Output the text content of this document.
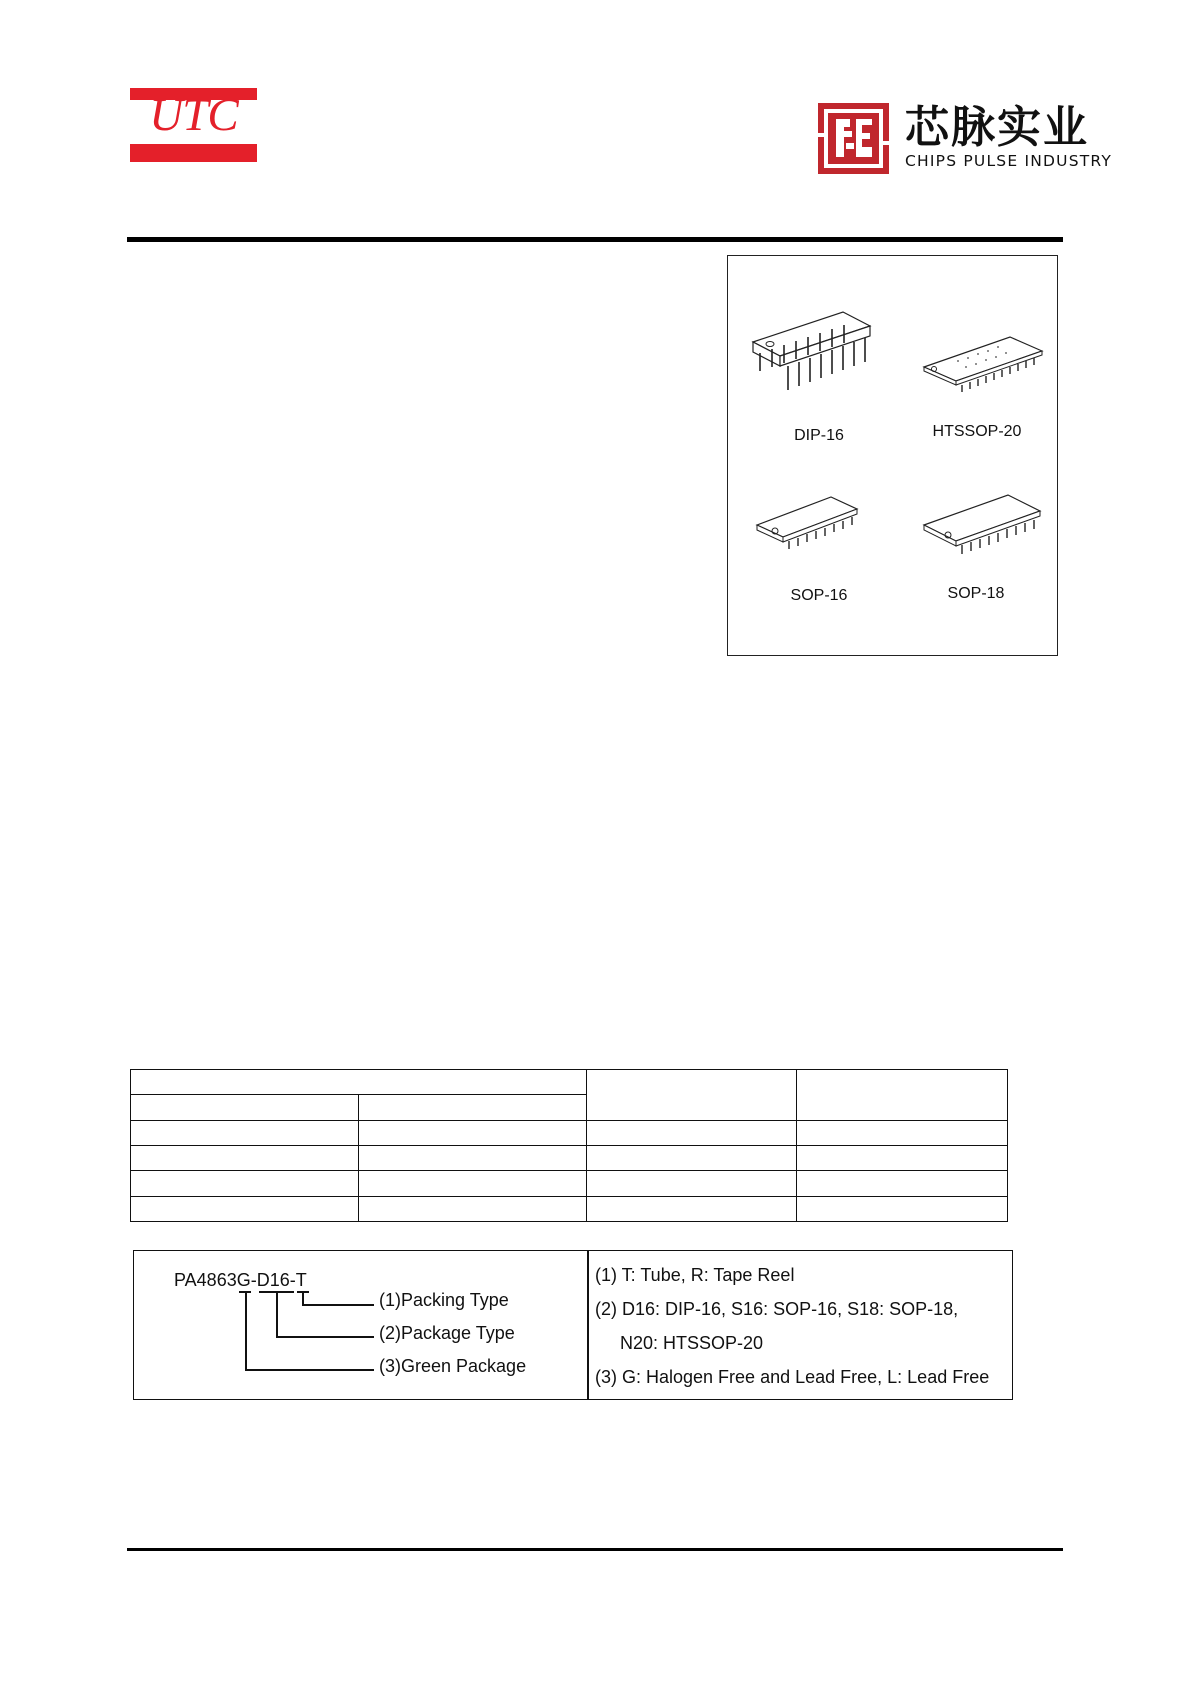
UTC	芯脉实业
CHIPS PULSE INDUSTRY
DIP-16	HTSSOP-20
SOP-16	SOP-18

PA4863G-D16-T
(1)Packing Type
(2)Package Type
(3)Green Package
(1) T: Tube, R: Tape Reel
(2) D16: DIP-16, S16: SOP-16, S18: SOP-18,
N20: HTSSOP-20
(3) G: Halogen Free and Lead Free, L: Lead Free
